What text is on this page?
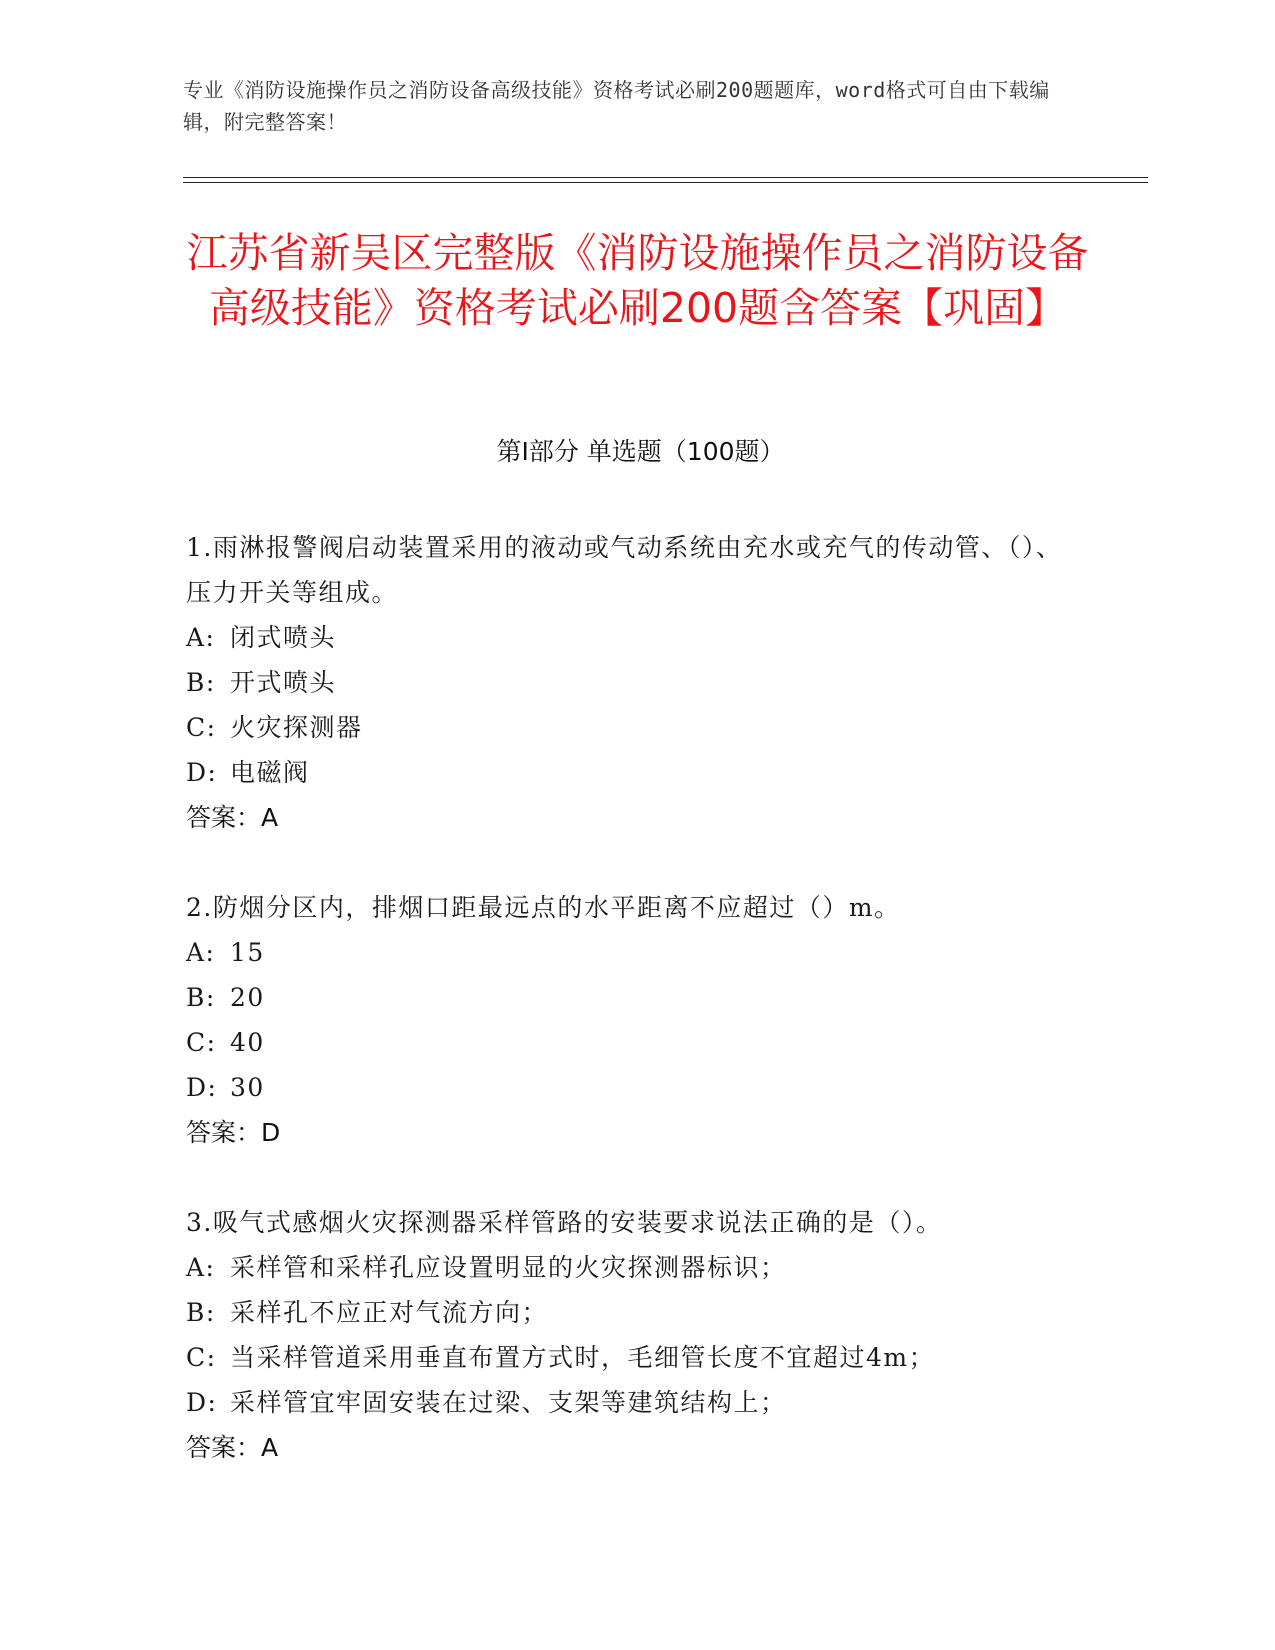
专业《消防设施操作员之消防设备高级技能》资格考试必刷200题题库，word格式可自由下载编辑，附完整答案！
江苏省新吴区完整版《消防设施操作员之消防设备高级技能》资格考试必刷200题含答案【巩固】
第Ⅰ部分 单选题（100题）
1.雨淋报警阀启动装置采用的液动或气动系统由充水或充气的传动管、（）、压力开关等组成。
A: 闭式喷头
B: 开式喷头
C: 火灾探测器
D: 电磁阀
答案：A
2.防烟分区内，排烟口距最远点的水平距离不应超过（）m。
A: 15
B: 20
C: 40
D: 30
答案：D
3.吸气式感烟火灾探测器采样管路的安装要求说法正确的是（）。
A: 采样管和采样孔应设置明显的火灾探测器标识；
B: 采样孔不应正对气流方向；
C: 当采样管道采用垂直布置方式时，毛细管长度不宜超过4m；
D: 采样管宜牢固安装在过梁、支架等建筑结构上；
答案：A
